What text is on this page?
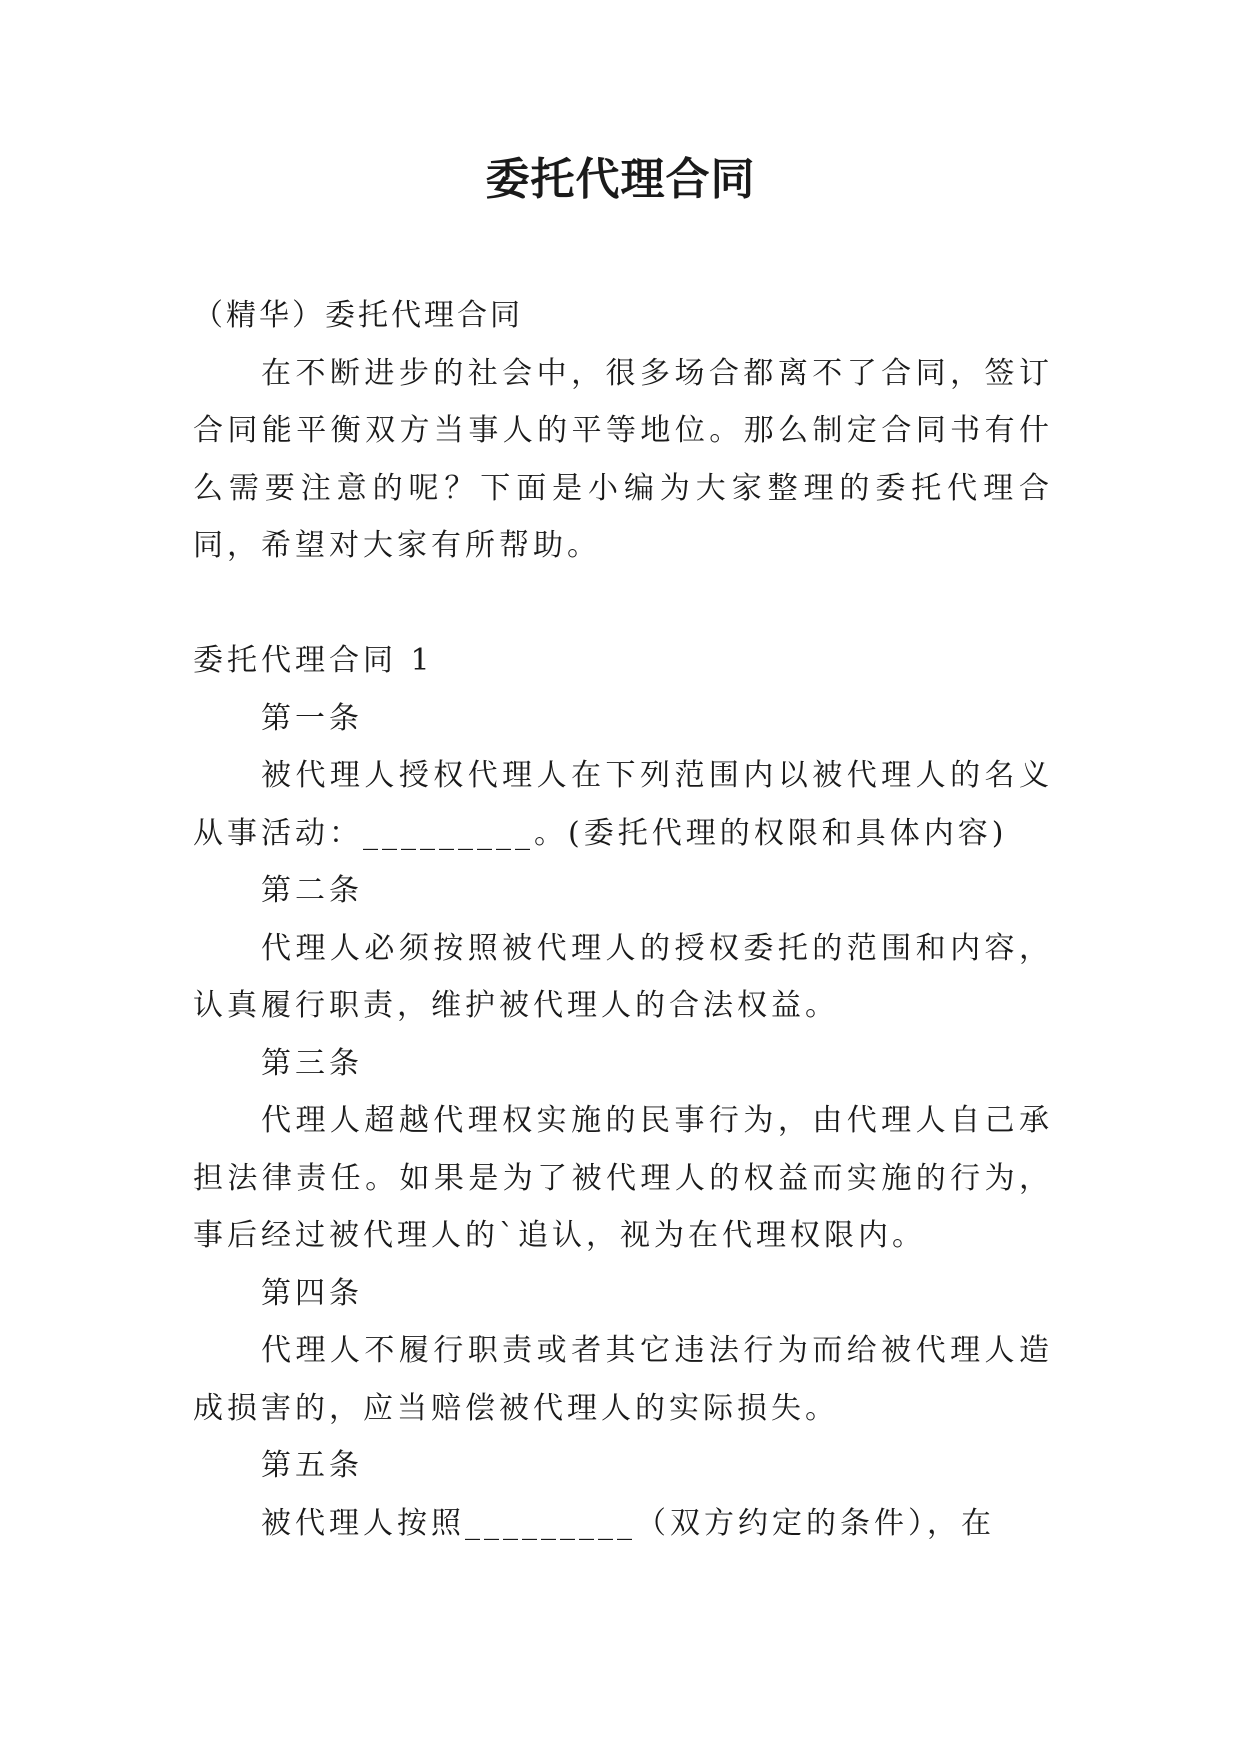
委托代理合同

（精华）委托代理合同

在不断进步的社会中，很多场合都离不了合同，签订合同能平衡双方当事人的平等地位。那么制定合同书有什么需要注意的呢？下面是小编为大家整理的委托代理合同，希望对大家有所帮助。

委托代理合同 1

第一条

被代理人授权代理人在下列范围内以被代理人的名义从事活动：_________。(委托代理的权限和具体内容)

第二条

代理人必须按照被代理人的授权委托的范围和内容，认真履行职责，维护被代理人的合法权益。

第三条

代理人超越代理权实施的民事行为，由代理人自己承担法律责任。如果是为了被代理人的权益而实施的行为，事后经过被代理人的`追认，视为在代理权限内。

第四条

代理人不履行职责或者其它违法行为而给被代理人造成损害的，应当赔偿被代理人的实际损失。

第五条

被代理人按照_________（双方约定的条件），在
